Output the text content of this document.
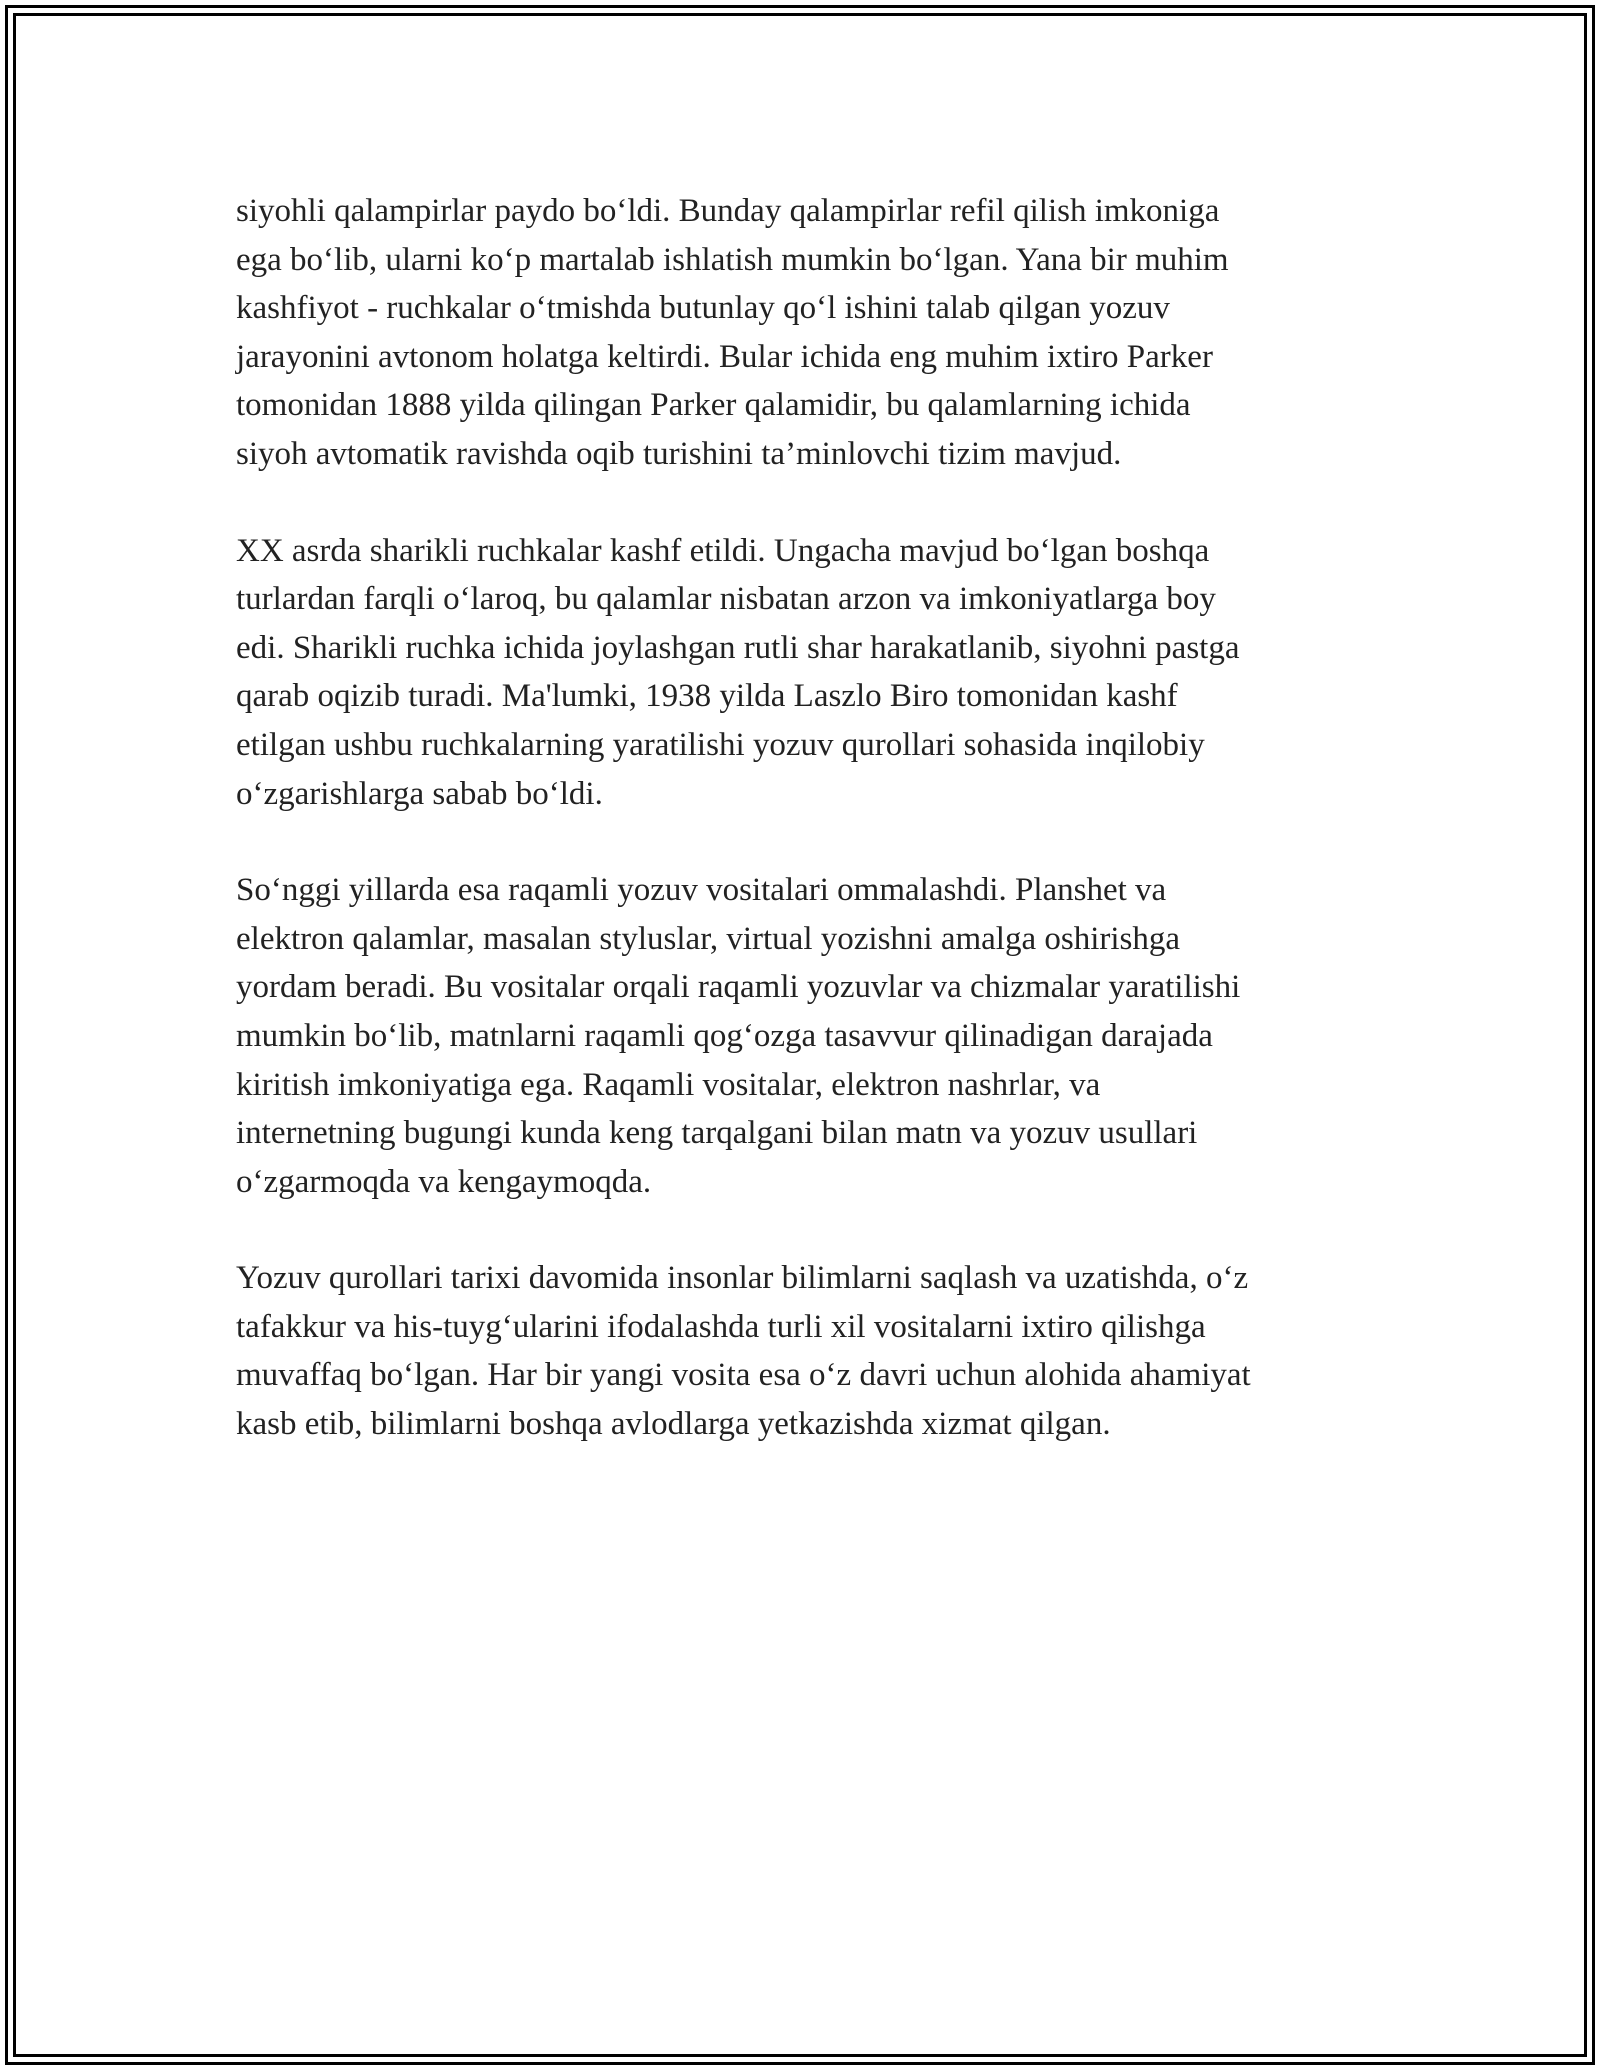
siyohli qalampirlar paydo bo‘ldi. Bunday qalampirlar refil qilish imkoniga
ega bo‘lib, ularni ko‘p martalab ishlatish mumkin bo‘lgan. Yana bir muhim
kashfiyot - ruchkalar o‘tmishda butunlay qo‘l ishini talab qilgan yozuv
jarayonini avtonom holatga keltirdi. Bular ichida eng muhim ixtiro Parker
tomonidan 1888 yilda qilingan Parker qalamidir, bu qalamlarning ichida
siyoh avtomatik ravishda oqib turishini ta’minlovchi tizim mavjud.

XX asrda sharikli ruchkalar kashf etildi. Ungacha mavjud bo‘lgan boshqa
turlardan farqli o‘laroq, bu qalamlar nisbatan arzon va imkoniyatlarga boy
edi. Sharikli ruchka ichida joylashgan rutli shar harakatlanib, siyohni pastga
qarab oqizib turadi. Ma'lumki, 1938 yilda Laszlo Biro tomonidan kashf
etilgan ushbu ruchkalarning yaratilishi yozuv qurollari sohasida inqilobiy
o‘zgarishlarga sabab bo‘ldi.

So‘nggi yillarda esa raqamli yozuv vositalari ommalashdi. Planshet va
elektron qalamlar, masalan styluslar, virtual yozishni amalga oshirishga
yordam beradi. Bu vositalar orqali raqamli yozuvlar va chizmalar yaratilishi
mumkin bo‘lib, matnlarni raqamli qog‘ozga tasavvur qilinadigan darajada
kiritish imkoniyatiga ega. Raqamli vositalar, elektron nashrlar, va
internetning bugungi kunda keng tarqalgani bilan matn va yozuv usullari
o‘zgarmoqda va kengaymoqda.

Yozuv qurollari tarixi davomida insonlar bilimlarni saqlash va uzatishda, o‘z
tafakkur va his-tuyg‘ularini ifodalashda turli xil vositalarni ixtiro qilishga
muvaffaq bo‘lgan. Har bir yangi vosita esa o‘z davri uchun alohida ahamiyat
kasb etib, bilimlarni boshqa avlodlarga yetkazishda xizmat qilgan.
